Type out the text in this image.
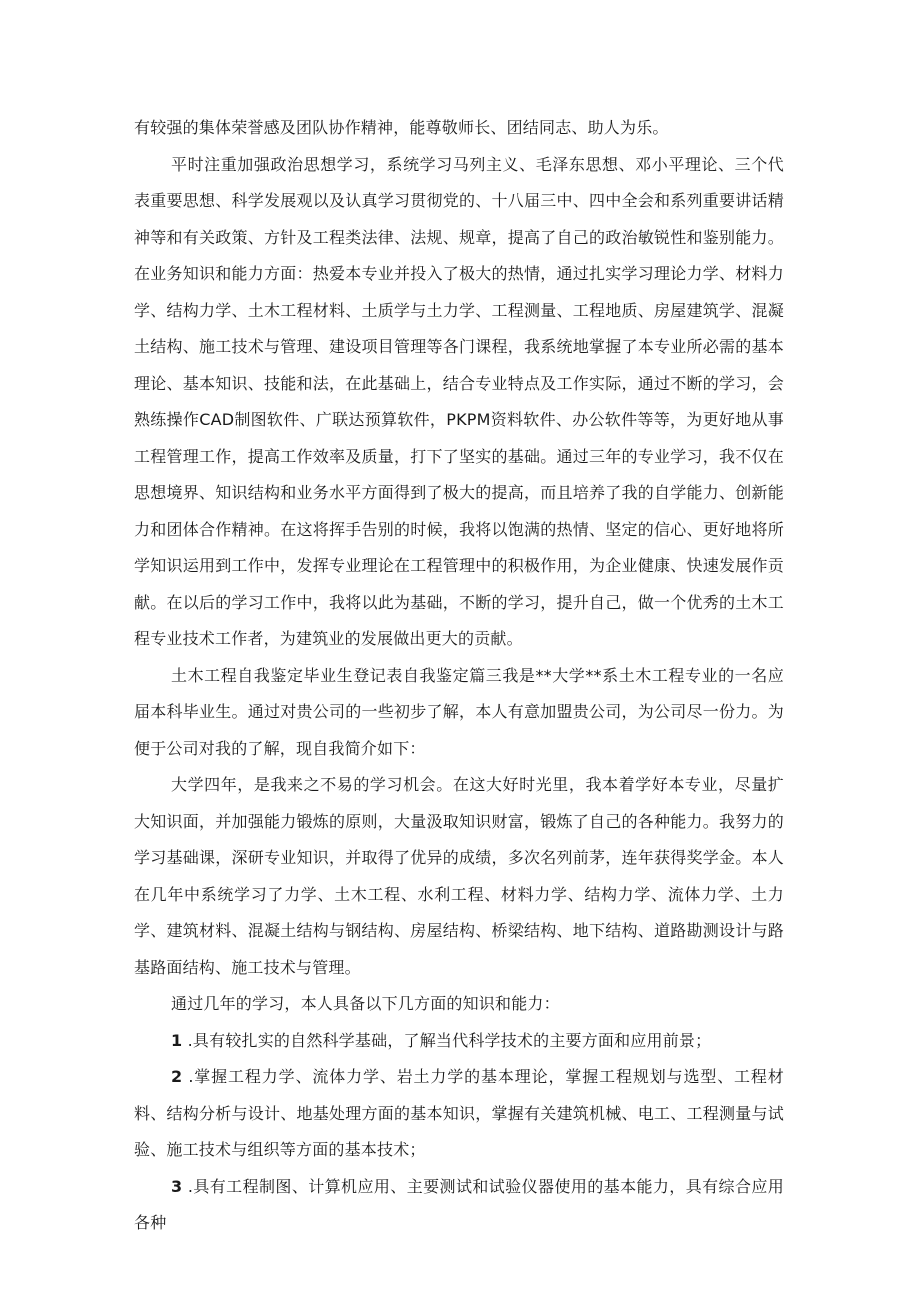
有较强的集体荣誉感及团队协作精神，能尊敬师长、团结同志、助人为乐。

平时注重加强政治思想学习，系统学习马列主义、毛泽东思想、邓小平理论、三个代表重要思想、科学发展观以及认真学习贯彻党的、十八届三中、四中全会和系列重要讲话精神等和有关政策、方针及工程类法律、法规、规章，提高了自己的政治敏锐性和鉴别能力。在业务知识和能力方面：热爱本专业并投入了极大的热情，通过扎实学习理论力学、材料力学、结构力学、土木工程材料、土质学与土力学、工程测量、工程地质、房屋建筑学、混凝土结构、施工技术与管理、建设项目管理等各门课程，我系统地掌握了本专业所必需的基本理论、基本知识、技能和法，在此基础上，结合专业特点及工作实际，通过不断的学习，会熟练操作CAD制图软件、广联达预算软件，PKPM资料软件、办公软件等等，为更好地从事工程管理工作，提高工作效率及质量，打下了坚实的基础。通过三年的专业学习，我不仅在思想境界、知识结构和业务水平方面得到了极大的提高，而且培养了我的自学能力、创新能力和团体合作精神。在这将挥手告别的时候，我将以饱满的热情、坚定的信心、更好地将所学知识运用到工作中，发挥专业理论在工程管理中的积极作用，为企业健康、快速发展作贡献。在以后的学习工作中，我将以此为基础，不断的学习，提升自己，做一个优秀的土木工程专业技术工作者，为建筑业的发展做出更大的贡献。

土木工程自我鉴定毕业生登记表自我鉴定篇三我是**大学**系土木工程专业的一名应届本科毕业生。通过对贵公司的一些初步了解，本人有意加盟贵公司，为公司尽一份力。为便于公司对我的了解，现自我简介如下：

大学四年，是我来之不易的学习机会。在这大好时光里，我本着学好本专业，尽量扩大知识面，并加强能力锻炼的原则，大量汲取知识财富，锻炼了自己的各种能力。我努力的学习基础课，深研专业知识，并取得了优异的成绩，多次名列前茅，连年获得奖学金。本人在几年中系统学习了力学、土木工程、水利工程、材料力学、结构力学、流体力学、土力学、建筑材料、混凝土结构与钢结构、房屋结构、桥梁结构、地下结构、道路勘测设计与路基路面结构、施工技术与管理。

通过几年的学习，本人具备以下几方面的知识和能力：

1 .具有较扎实的自然科学基础，了解当代科学技术的主要方面和应用前景；

2 .掌握工程力学、流体力学、岩土力学的基本理论，掌握工程规划与选型、工程材料、结构分析与设计、地基处理方面的基本知识，掌握有关建筑机械、电工、工程测量与试验、施工技术与组织等方面的基本技术；

3 .具有工程制图、计算机应用、主要测试和试验仪器使用的基本能力，具有综合应用各种
